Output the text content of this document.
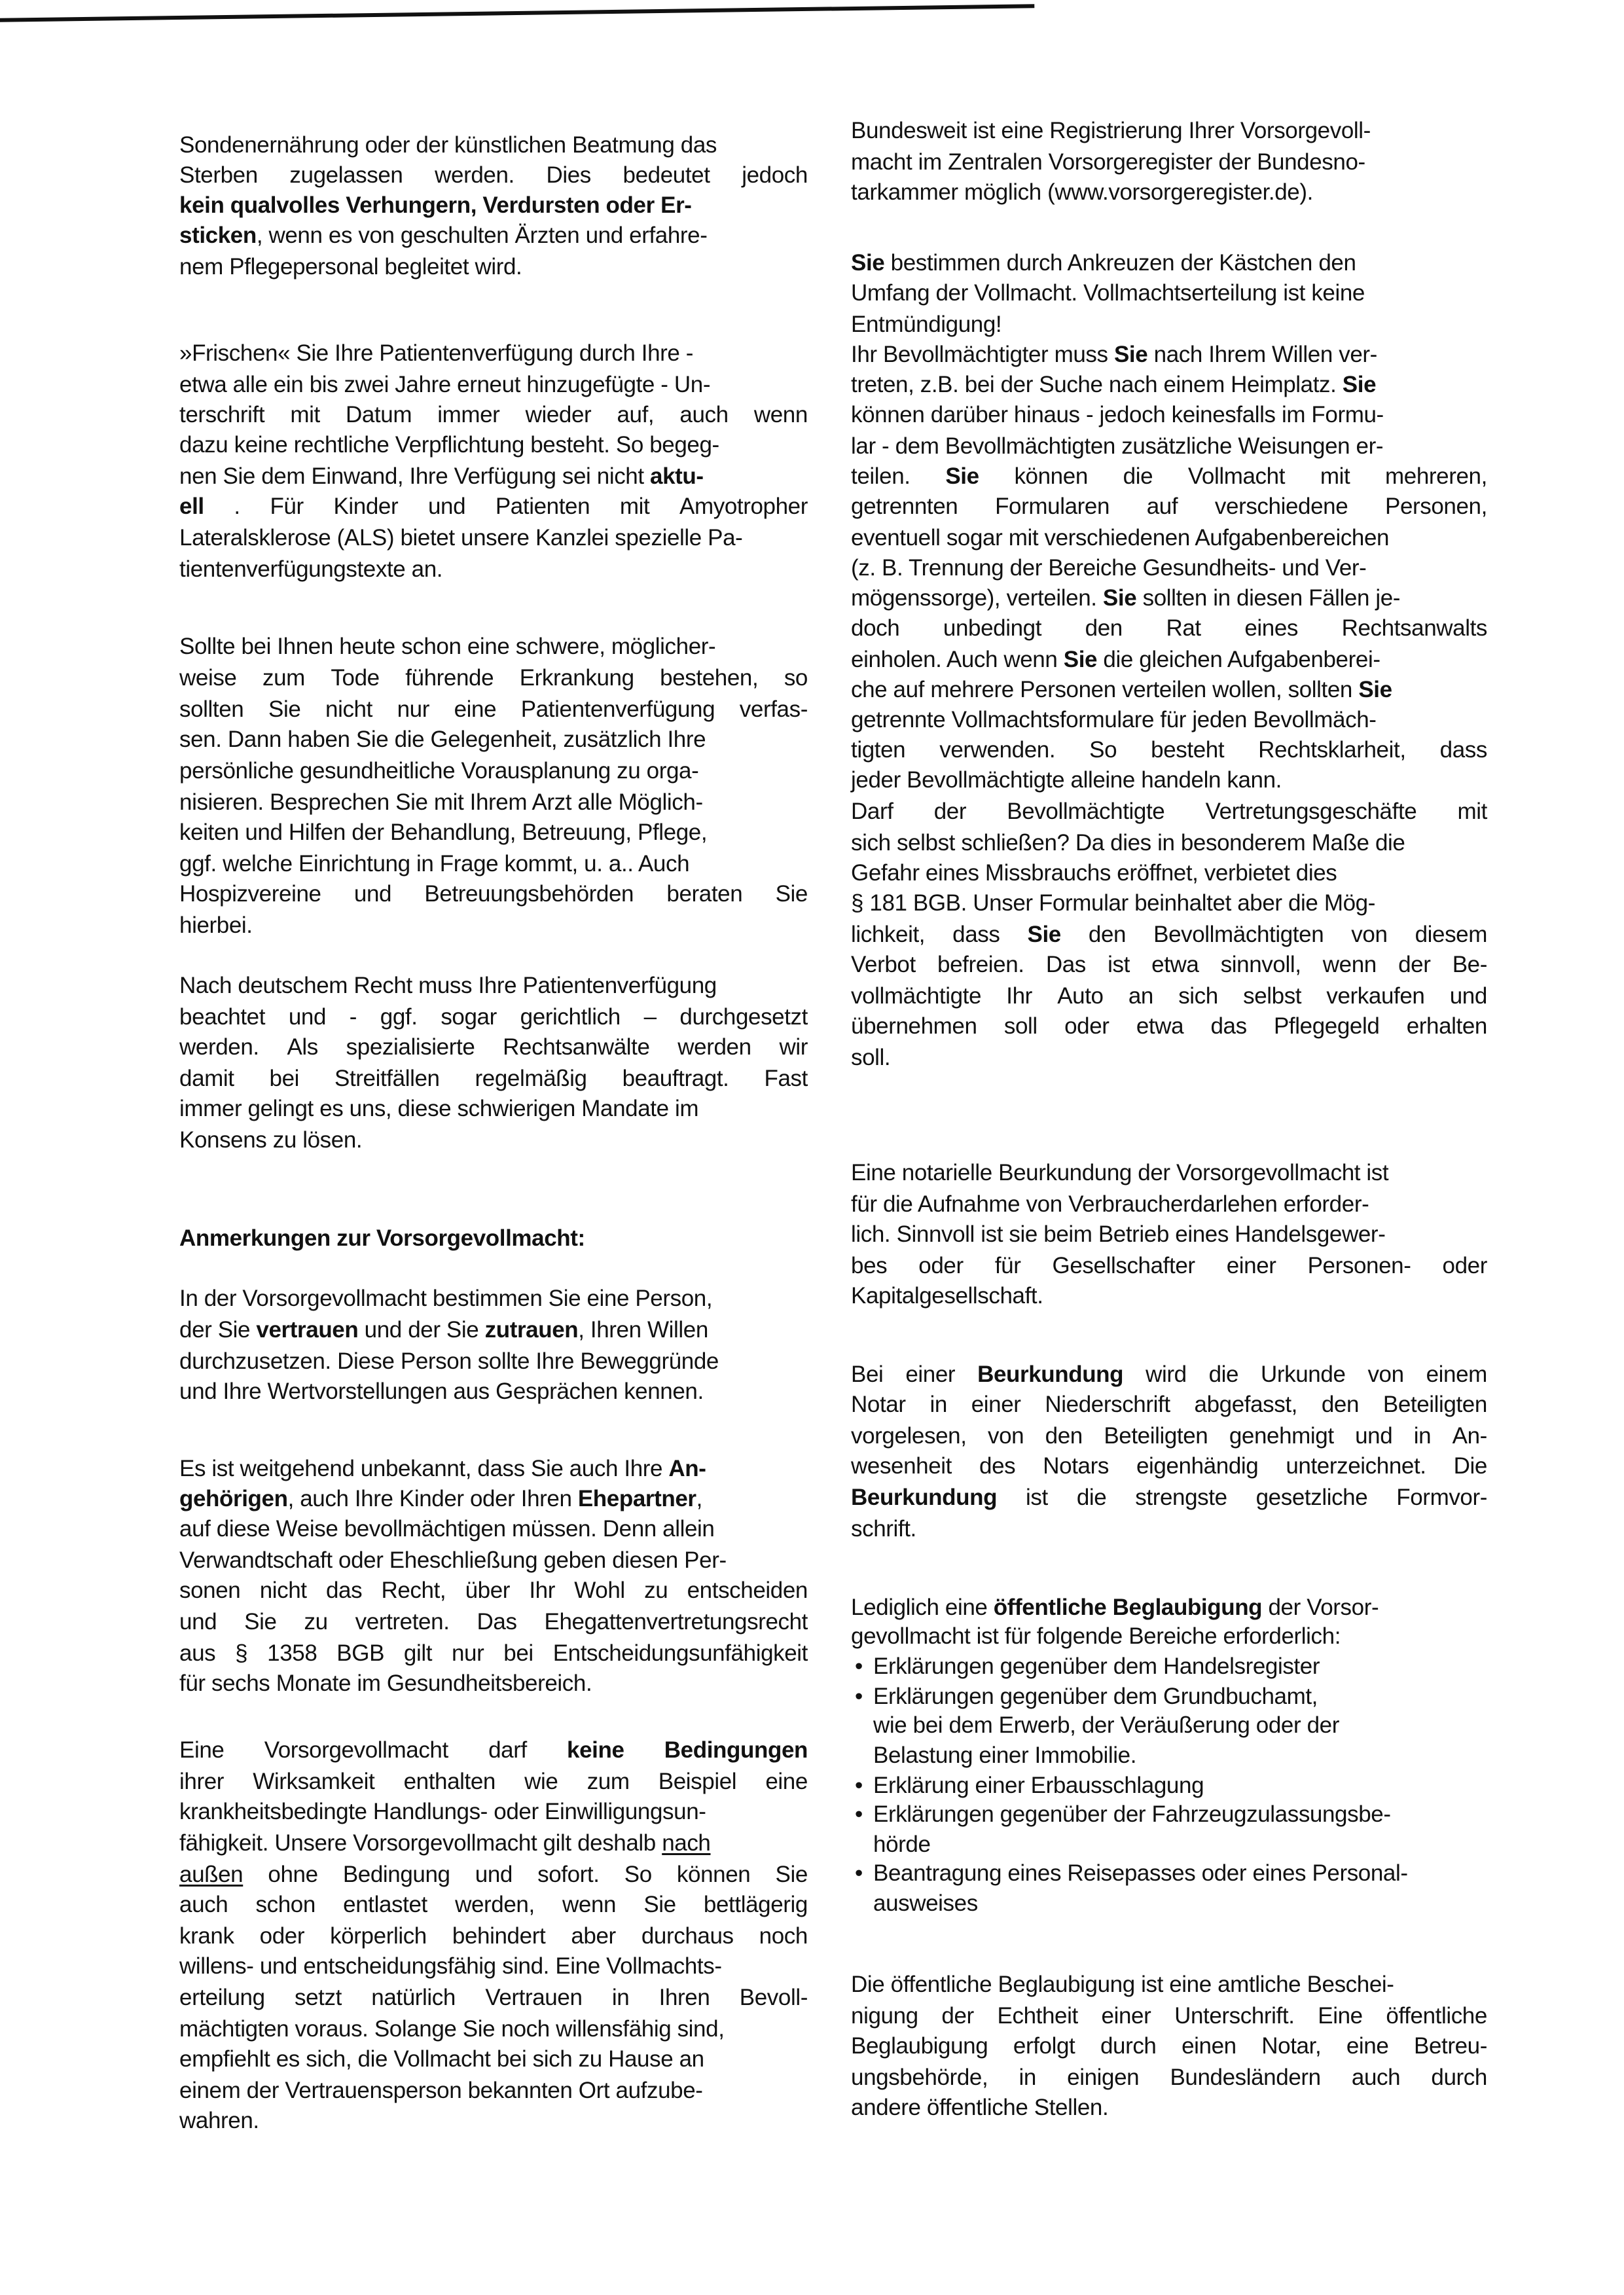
Sondenernährung oder der künstlichen Beatmung das
Sterben zugelassen werden. Dies bedeutet jedoch
kein qualvolles Verhungern, Verdursten oder Er-
sticken, wenn es von geschulten Ärzten und erfahre-
nem Pflegepersonal begleitet wird.
»Frischen« Sie Ihre Patientenverfügung durch Ihre -
etwa alle ein bis zwei Jahre erneut hinzugefügte - Un-
terschrift mit Datum immer wieder auf, auch wenn
dazu keine rechtliche Verpflichtung besteht. So begeg-
nen Sie dem Einwand, Ihre Verfügung sei nicht aktu-
ell . Für Kinder und Patienten mit Amyotropher
Lateralsklerose (ALS) bietet unsere Kanzlei spezielle Pa-
tientenverfügungstexte an.
Sollte bei Ihnen heute schon eine schwere, möglicher-
weise zum Tode führende Erkrankung bestehen, so
sollten Sie nicht nur eine Patientenverfügung verfas-
sen. Dann haben Sie die Gelegenheit, zusätzlich Ihre
persönliche gesundheitliche Vorausplanung zu orga-
nisieren. Besprechen Sie mit Ihrem Arzt alle Möglich-
keiten und Hilfen der Behandlung, Betreuung, Pflege,
ggf. welche Einrichtung in Frage kommt, u. a.. Auch
Hospizvereine und Betreuungsbehörden beraten Sie
hierbei.
Nach deutschem Recht muss Ihre Patientenverfügung
beachtet und - ggf. sogar gerichtlich – durchgesetzt
werden. Als spezialisierte Rechtsanwälte werden wir
damit bei Streitfällen regelmäßig beauftragt. Fast
immer gelingt es uns, diese schwierigen Mandate im
Konsens zu lösen.
Anmerkungen zur Vorsorgevollmacht:
In der Vorsorgevollmacht bestimmen Sie eine Person,
der Sie vertrauen und der Sie zutrauen, Ihren Willen
durchzusetzen. Diese Person sollte Ihre Beweggründe
und Ihre Wertvorstellungen aus Gesprächen kennen.
Es ist weitgehend unbekannt, dass Sie auch Ihre An-
gehörigen, auch Ihre Kinder oder Ihren Ehepartner,
auf diese Weise bevollmächtigen müssen. Denn allein
Verwandtschaft oder Eheschließung geben diesen Per-
sonen nicht das Recht, über Ihr Wohl zu entscheiden
und Sie zu vertreten. Das Ehegattenvertretungsrecht
aus § 1358 BGB gilt nur bei Entscheidungsunfähigkeit
für sechs Monate im Gesundheitsbereich.
Eine Vorsorgevollmacht darf keine Bedingungen
ihrer Wirksamkeit enthalten wie zum Beispiel eine
krankheitsbedingte Handlungs- oder Einwilligungsun-
fähigkeit. Unsere Vorsorgevollmacht gilt deshalb nach
außen ohne Bedingung und sofort. So können Sie
auch schon entlastet werden, wenn Sie bettlägerig
krank oder körperlich behindert aber durchaus noch
willens- und entscheidungsfähig sind. Eine Vollmachts-
erteilung setzt natürlich Vertrauen in Ihren Bevoll-
mächtigten voraus. Solange Sie noch willensfähig sind,
empfiehlt es sich, die Vollmacht bei sich zu Hause an
einem der Vertrauensperson bekannten Ort aufzube-
wahren.
Bundesweit ist eine Registrierung Ihrer Vorsorgevoll-
macht im Zentralen Vorsorgeregister der Bundesno-
tarkammer möglich (www.vorsorgeregister.de).
Sie bestimmen durch Ankreuzen der Kästchen den
Umfang der Vollmacht. Vollmachtserteilung ist keine
Entmündigung!
Ihr Bevollmächtigter muss Sie nach Ihrem Willen ver-
treten, z.B. bei der Suche nach einem Heimplatz. Sie
können darüber hinaus - jedoch keinesfalls im Formu-
lar - dem Bevollmächtigten zusätzliche Weisungen er-
teilen. Sie können die Vollmacht mit mehreren,
getrennten Formularen auf verschiedene Personen,
eventuell sogar mit verschiedenen Aufgabenbereichen
(z. B. Trennung der Bereiche Gesundheits- und Ver-
mögenssorge), verteilen. Sie sollten in diesen Fällen je-
doch unbedingt den Rat eines Rechtsanwalts
einholen. Auch wenn Sie die gleichen Aufgabenberei-
che auf mehrere Personen verteilen wollen, sollten Sie
getrennte Vollmachtsformulare für jeden Bevollmäch-
tigten verwenden. So besteht Rechtsklarheit, dass
jeder Bevollmächtigte alleine handeln kann.
Darf der Bevollmächtigte Vertretungsgeschäfte mit
sich selbst schließen? Da dies in besonderem Maße die
Gefahr eines Missbrauchs eröffnet, verbietet dies
§ 181 BGB. Unser Formular beinhaltet aber die Mög-
lichkeit, dass Sie den Bevollmächtigten von diesem
Verbot befreien. Das ist etwa sinnvoll, wenn der Be-
vollmächtigte Ihr Auto an sich selbst verkaufen und
übernehmen soll oder etwa das Pflegegeld erhalten
soll.
Eine notarielle Beurkundung der Vorsorgevollmacht ist
für die Aufnahme von Verbraucherdarlehen erforder-
lich. Sinnvoll ist sie beim Betrieb eines Handelsgewer-
bes oder für Gesellschafter einer Personen- oder
Kapitalgesellschaft.
Bei einer Beurkundung wird die Urkunde von einem
Notar in einer Niederschrift abgefasst, den Beteiligten
vorgelesen, von den Beteiligten genehmigt und in An-
wesenheit des Notars eigenhändig unterzeichnet. Die
Beurkundung ist die strengste gesetzliche Formvor-
schrift.
Lediglich eine öffentliche Beglaubigung der Vorsor-
gevollmacht ist für folgende Bereiche erforderlich:
• Erklärungen gegenüber dem Handelsregister
• Erklärungen gegenüber dem Grundbuchamt,
wie bei dem Erwerb, der Veräußerung oder der
Belastung einer Immobilie.
• Erklärung einer Erbausschlagung
• Erklärungen gegenüber der Fahrzeugzulassungsbe-
hörde
• Beantragung eines Reisepasses oder eines Personal-
ausweises
Die öffentliche Beglaubigung ist eine amtliche Beschei-
nigung der Echtheit einer Unterschrift. Eine öffentliche
Beglaubigung erfolgt durch einen Notar, eine Betreu-
ungsbehörde, in einigen Bundesländern auch durch
andere öffentliche Stellen.
